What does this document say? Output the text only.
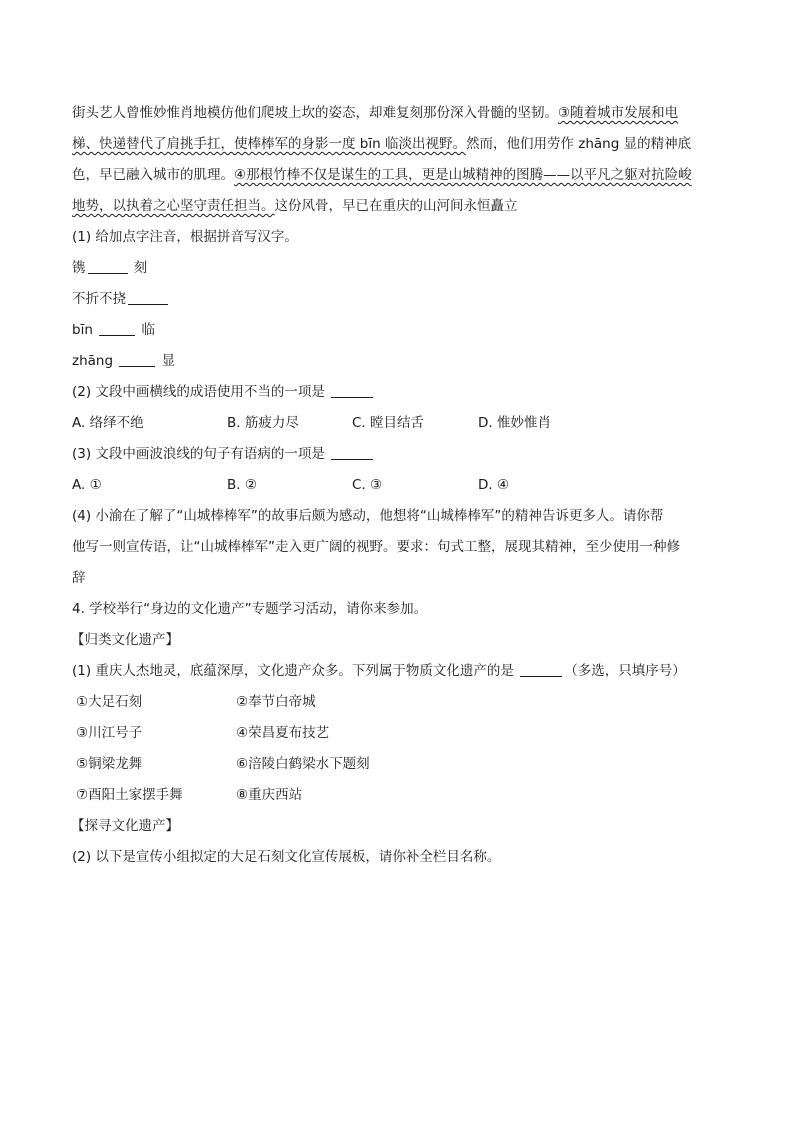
街头艺人曾惟妙惟肖地模仿他们爬坡上坎的姿态，却难复刻那份深入骨髓的坚韧。③随着城市发展和电
梯、快递替代了肩挑手扛，使棒棒军的身影一度 bīn 临淡出视野。然而，他们用劳作 zhāng 显的精神底
色，早已融入城市的肌理。④那根竹棒不仅是谋生的工具，更是山城精神的图腾——以平凡之躯对抗险峻
地势，以执着之心坚守责任担当。这份风骨，早已在重庆的山河间永恒矗立
(1) 给加点字注音，根据拼音写汉字。
镌	刻
不折不挠
bīn	临
zhāng	显
(2) 文段中画横线的成语使用不当的一项是
A. 络绎不绝	B. 筋疲力尽	C. 瞠目结舌	D. 惟妙惟肖
(3) 文段中画波浪线的句子有语病的一项是
A. ①	B. ②	C. ③	D. ④
(4) 小渝在了解了“山城棒棒军”的故事后颇为感动，他想将“山城棒棒军”的精神告诉更多人。请你帮
他写一则宣传语，让“山城棒棒军”走入更广阔的视野。要求：句式工整，展现其精神，至少使用一种修
辞
4. 学校举行“身边的文化遗产”专题学习活动，请你来参加。
【归类文化遗产】
(1) 重庆人杰地灵，底蕴深厚，文化遗产众多。下列属于物质文化遗产的是	（多选，只填序号）
①大足石刻	②奉节白帝城
③川江号子	④荣昌夏布技艺
⑤铜梁龙舞	⑥涪陵白鹤梁水下题刻
⑦酉阳土家摆手舞	⑧重庆西站
【探寻文化遗产】
(2) 以下是宣传小组拟定的大足石刻文化宣传展板，请你补全栏目名称。
